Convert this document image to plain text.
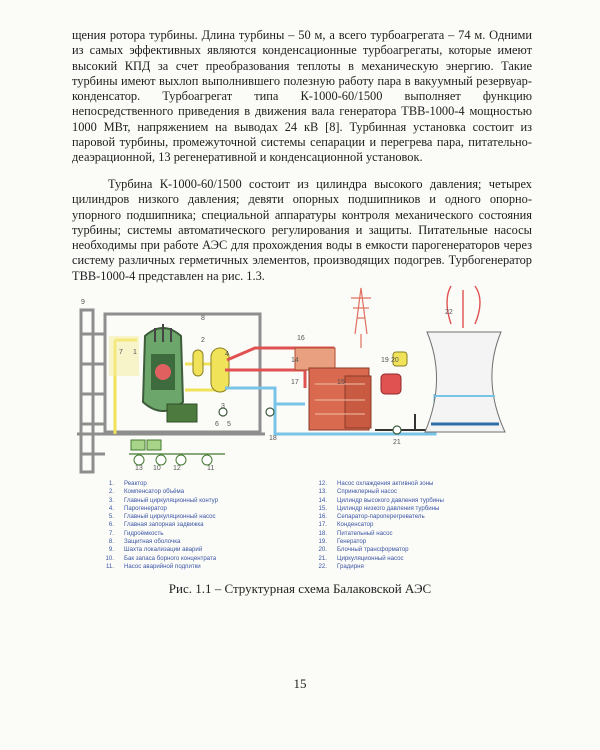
щения ротора турбины. Длина турбины – 50 м, а всего турбоагрегата – 74 м. Одними из самых эффективных являются конденсационные турбоагрегаты, которые имеют высокий КПД за счет преобразования теплоты в механическую энергию. Такие турбины имеют выхлоп выполнившего полезную работу пара в вакуумный резервуар-конденсатор. Турбоагрегат типа К-1000-60/1500 выполняет функцию непосредственного приведения в движения вала генератора ТВВ-1000-4 мощностью 1000 МВт, напряжением на выводах 24 кВ [8]. Турбинная установка состоит из паровой турбины, промежуточной системы сепарации и перегрева пара, питательно-деаэрационной, 13 регенеративной и конденсационной установок.

Турбина К-1000-60/1500 состоит из цилиндра высокого давления; четырех цилиндров низкого давления; девяти опорных подшипников и одного опорно-упорного подшипника; специальной аппаратуры контроля механического состояния турбины; системы автоматического регулирования и защиты. Питательные насосы необходимы при работе АЭС для прохождения воды в емкости парогенераторов через систему различных герметичных элементов, производящих подогрев. Турбогенератор ТВВ-1000-4 представлен на рис. 1.3.

9
8
7 1
2
3
4
5
6
10	11
12
13
14
15
16
17
18
19 20
21
22
1. Реактор
2. Компенсатор объёма
3. Главный циркуляционный контур
4. Парогенератор
5. Главный циркуляционный насос
6. Главная запорная задвижка
7. Гидроёмкость
8. Защитная оболочка
9. Шахта локализации аварий
10. Бак запаса борного концентрата
11. Насос аварийной подпитки
12. Насос охлаждения активной зоны
13. Спринклерный насос
14. Цилиндр высокого давления турбины
15. Цилиндр низкого давления турбины
16. Сепаратор-пароперегреватель
17. Конденсатор
18. Питательный насос
19. Генератор
20. Блочный трансформатор
21. Циркуляционный насос
22. Градирня
Рис. 1.1 – Структурная схема Балаковской АЭС
15
